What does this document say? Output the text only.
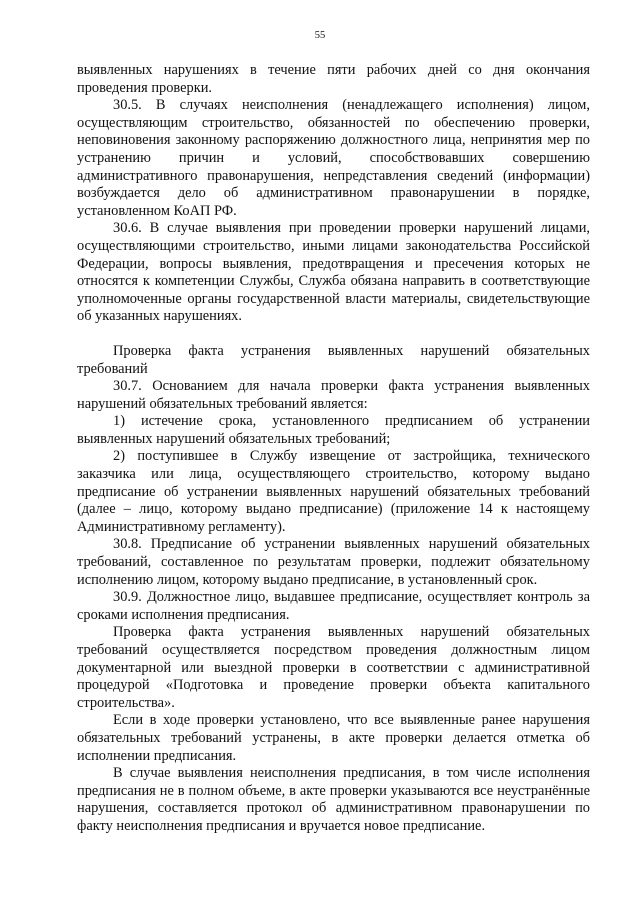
55

выявленных нарушениях в течение пяти рабочих дней со дня окончания проведения проверки.

30.5. В случаях неисполнения (ненадлежащего исполнения) лицом, осуществляющим строительство, обязанностей по обеспечению проверки, неповиновения законному распоряжению должностного лица, непринятия мер по устранению причин и условий, способствовавших совершению административного правонарушения, непредставления сведений (информации) возбуждается дело об административном правонарушении в порядке, установленном КоАП РФ.

30.6. В случае выявления при проведении проверки нарушений лицами, осуществляющими строительство, иными лицами законодательства Российской Федерации, вопросы выявления, предотвращения и пресечения которых не относятся к компетенции Службы, Служба обязана направить в соответствующие уполномоченные органы государственной власти материалы, свидетельствующие об указанных нарушениях.

Проверка факта устранения выявленных нарушений обязательных требований

30.7. Основанием для начала проверки факта устранения выявленных нарушений обязательных требований является:

1) истечение срока, установленного предписанием об устранении выявленных нарушений обязательных требований;

2) поступившее в Службу извещение от застройщика, технического заказчика или лица, осуществляющего строительство, которому выдано предписание об устранении выявленных нарушений обязательных требований (далее – лицо, которому выдано предписание) (приложение 14 к настоящему Административному регламенту).

30.8. Предписание об устранении выявленных нарушений обязательных требований, составленное по результатам проверки, подлежит обязательному исполнению лицом, которому выдано предписание, в установленный срок.

30.9. Должностное лицо, выдавшее предписание, осуществляет контроль за сроками исполнения предписания.

Проверка факта устранения выявленных нарушений обязательных требований осуществляется посредством проведения должностным лицом документарной или выездной проверки в соответствии с административной процедурой «Подготовка и проведение проверки объекта капитального строительства».

Если в ходе проверки установлено, что все выявленные ранее нарушения обязательных требований устранены, в акте проверки делается отметка об исполнении предписания.

В случае выявления неисполнения предписания, в том числе исполнения предписания не в полном объеме, в акте проверки указываются все неустранённые нарушения, составляется протокол об административном правонарушении по факту неисполнения предписания и вручается новое предписание.
